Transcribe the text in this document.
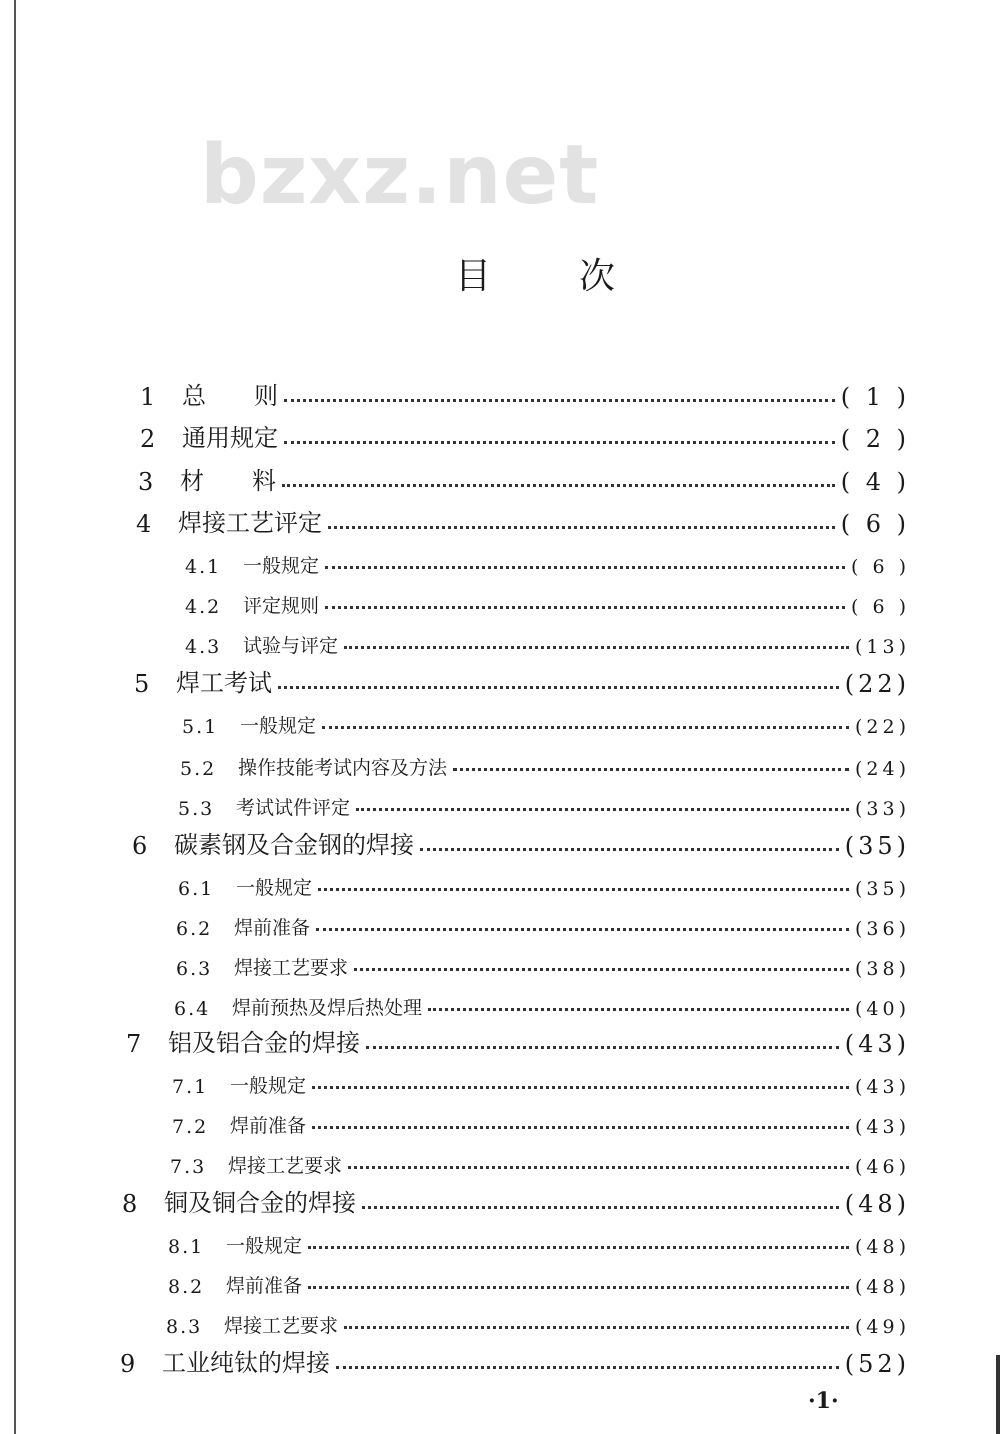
bzxz.net
目 次
1	总　　则	( 1 )
2	通用规定	( 2 )
3	材　　料	( 4 )
4	焊接工艺评定	( 6 )
4.1 一般规定	( 6 )
4.2 评定规则	( 6 )
4.3 试验与评定	(13)
5	焊工考试	(22)
5.1 一般规定	(22)
5.2 操作技能考试内容及方法	(24)
5.3 考试试件评定	(33)
6	碳素钢及合金钢的焊接	(35)
6.1 一般规定	(35)
6.2 焊前准备	(36)
6.3 焊接工艺要求	(38)
6.4 焊前预热及焊后热处理	(40)
7	铝及铝合金的焊接	(43)
7.1 一般规定	(43)
7.2 焊前准备	(43)
7.3 焊接工艺要求	(46)
8	铜及铜合金的焊接	(48)
8.1 一般规定	(48)
8.2 焊前准备	(48)
8.3 焊接工艺要求	(49)
9	工业纯钛的焊接	(52)
·1·
